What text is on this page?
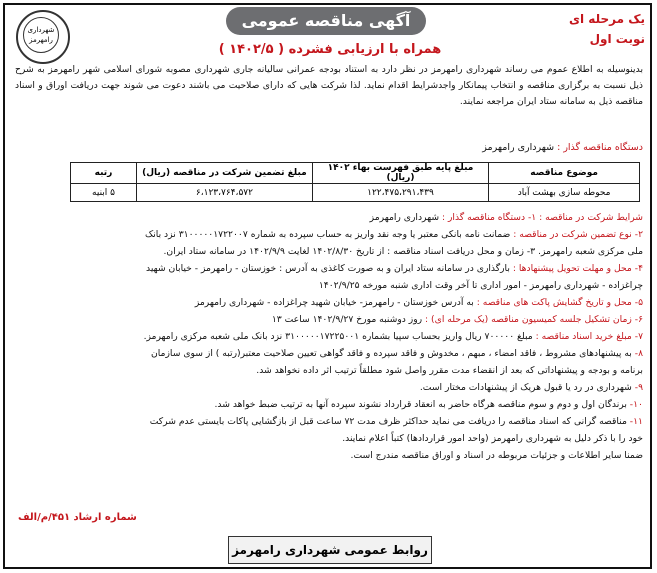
شهرداری رامهرمز
آگهی مناقصه عمومی	یک مرحله ای
نوبت اول
همراه با ارزیابی فشرده ( ۱۴۰۲/۵ )
بدینوسیله به اطلاع عموم می رساند شهرداری رامهرمز در نظر دارد به استناد بودجه عمرانی سالیانه جاری شهرداری مصوبه شورای اسلامی شهر رامهرمز به شرح ذیل نسبت به برگزاری مناقصه و انتخاب پیمانکار واجدشرایط اقدام نماید. لذا شرکت هایی که دارای صلاحیت می باشند دعوت می شوند جهت دریافت اوراق و اسناد مناقصه ذیل به سامانه ستاد ایران مراجعه نمایند.
دستگاه مناقصه گذار : شهرداری رامهرمز
موضوع مناقصه	مبلغ پایه طبق فهرست بهاء ۱۴۰۲ (ریال)	مبلغ تضمین شرکت در مناقصه (ریال)	رتبه
محوطه سازی بهشت آباد	۱۲۲،۴۷۵،۲۹۱،۴۳۹	۶،۱۲۳،۷۶۴،۵۷۲	۵ ابنیه
شرایط شرکت در مناقصه : ۱- دستگاه مناقصه گذار : شهرداری رامهرمز
۲- نوع تضمین شرکت در مناقصه : ضمانت نامه بانکی معتبر یا وجه نقد واریز به حساب سپرده به شماره ۳۱۰۰۰۰۰۱۷۲۲۰۰۷ نزد بانک
ملی مرکزی شعبه رامهرمز. ۳- زمان و محل دریافت اسناد مناقصه : از تاریخ ۱۴۰۲/۸/۳۰ لغایت ۱۴۰۲/۹/۹ در سامانه ستاد ایران.
۴- محل و مهلت تحویل پیشنهادها : بارگذاری در سامانه ستاد ایران و به صورت کاغذی به آدرس : خوزستان - رامهرمز - خیابان شهید
چراغزاده - شهرداری رامهرمز - امور اداری تا آخر وقت اداری شنبه مورخه ۱۴۰۲/۹/۲۵
۵- محل و تاریخ گشایش پاکت های مناقصه : به آدرس خوزستان - رامهرمز- خیابان شهید چراغزاده - شهرداری رامهرمز
۶- زمان تشکیل جلسه کمیسیون مناقصه (یک مرحله ای) : روز دوشنبه مورخ ۱۴۰۲/۹/۲۷ ساعت ۱۳
۷- مبلغ خرید اسناد مناقصه : مبلغ ۷۰۰۰۰۰ ریال واریز بحساب سپیا بشماره ۳۱۰۰۰۰۰۱۷۲۲۵۰۰۱ نزد بانک ملی شعبه مرکزی رامهرمز.
۸- به پیشنهادهای مشروط ، فاقد امضاء ، مبهم ، مخدوش و فاقد سپرده و فاقد گواهی تعیین صلاحیت معتبر(رتبه ) از سوی سازمان
برنامه و بودجه و پیشنهاداتی که بعد از انقضاء مدت مقرر واصل شود مطلقاً ترتیب اثر داده نخواهد شد.
۹- شهرداری در رد یا قبول هریک از پیشنهادات مختار است.
۱۰- برندگان اول و دوم و سوم مناقصه هرگاه حاضر به انعقاد قرارداد نشوند سپرده آنها به ترتیب ضبط خواهد شد.
۱۱- مناقصه گرانی که اسناد مناقصه را دریافت می نماید حداکثر ظرف مدت ۷۲ ساعت قبل از بازگشایی پاکات بایستی عدم شرکت
خود را با ذکر دلیل به شهرداری رامهرمز (واحد امور قراردادها) کتباً اعلام نمایند.
ضمنا سایر اطلاعات و جزئیات مربوطه در اسناد و اوراق مناقصه مندرج است.
شماره ارشاد ۴۵۱/م/الف
روابط عمومی شهرداری رامهرمز
